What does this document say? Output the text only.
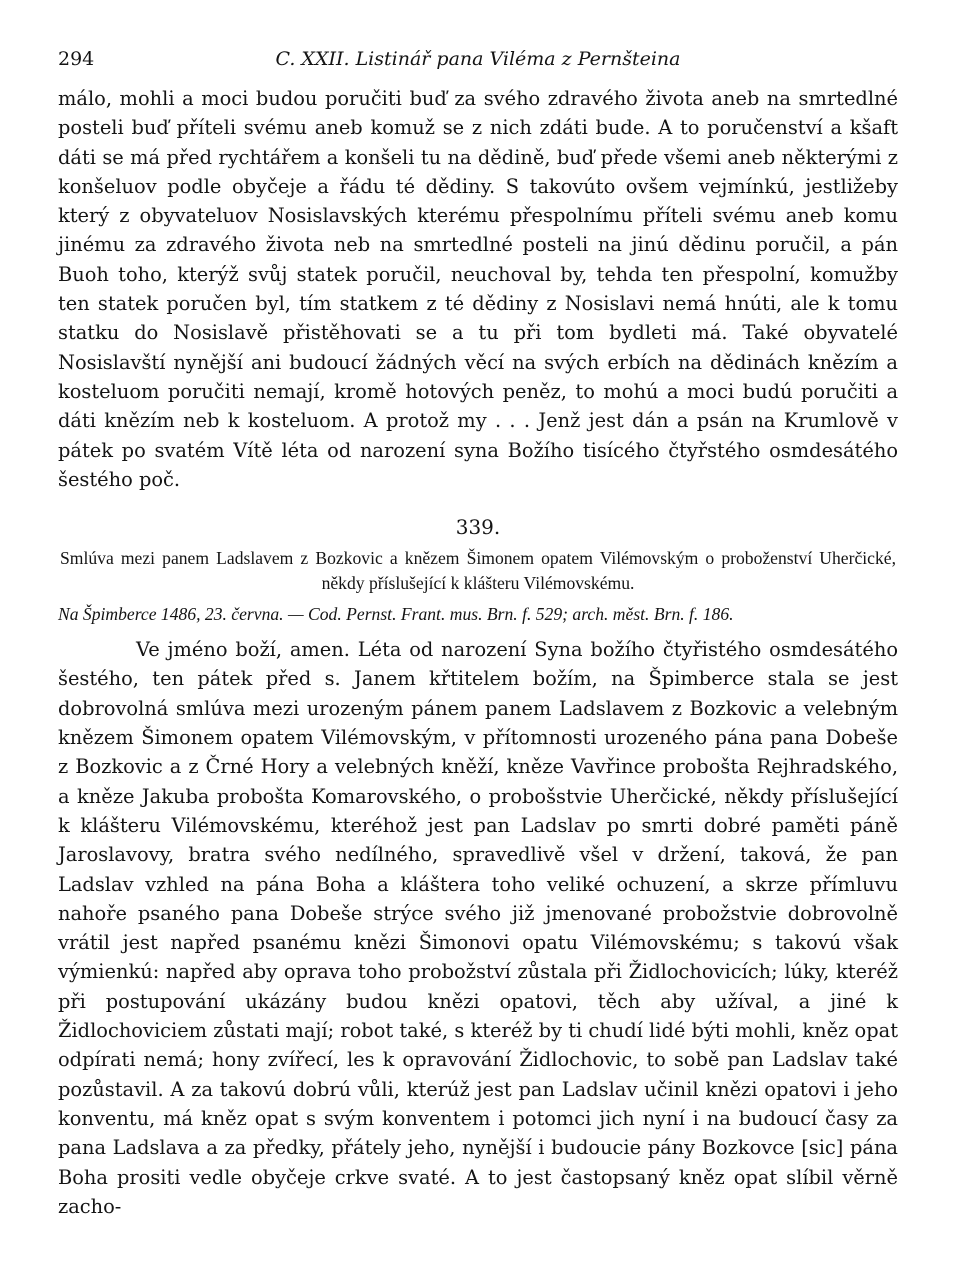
294	C. XXII. Listinář pana Viléma z Pernšteina

málo, mohli a moci budou poručiti buď za svého zdravého života aneb na smrtedlné posteli buď příteli svému aneb komuž se z nich zdáti bude. A to poručenství a kšaft dáti se má před rychtářem a konšeli tu na dědině, buď přede všemi aneb některými z konšeluov podle obyčeje a řádu té dědiny. S takovúto ovšem vejmínkú, jestližeby který z obyvateluov Nosislavských kterému přespolnímu příteli svému aneb komu jinému za zdravého života neb na smrtedlné posteli na jinú dědinu poručil, a pán Buoh toho, kterýž svůj statek poručil, neuchoval by, tehda ten přespolní, komužby ten statek poručen byl, tím statkem z té dědiny z Nosislavi nemá hnúti, ale k tomu statku do Nosislavě přistěhovati se a tu při tom bydleti má. Také obyvatelé Nosislavští nynější ani budoucí žádných věcí na svých erbích na dědinách knězím a kosteluom poručiti nemají, kromě hotových peněz, to mohú a moci budú poručiti a dáti knězím neb k kosteluom. A protož my . . . Jenž jest dán a psán na Krumlově v pátek po svatém Vítě léta od narození syna Božího tisícého čtyřstého osmdesátého šestého poč.

339.

Smlúva mezi panem Ladslavem z Bozkovic a knězem Šimonem opatem Vilémovským o proboženství Uherčické, někdy příslušející k klášteru Vilémovskému.

Na Špimberce 1486, 23. června. — Cod. Pernst. Frant. mus. Brn. f. 529; arch. měst. Brn. f. 186.

Ve jméno boží, amen. Léta od narození Syna božího čtyřistého osmdesátého šestého, ten pátek před s. Janem křtitelem božím, na Špimberce stala se jest dobrovolná smlúva mezi urozeným pánem panem Ladslavem z Bozkovic a velebným knězem Šimonem opatem Vilémovským, v přítomnosti urozeného pána pana Dobeše z Bozkovic a z Črné Hory a velebných kněží, kněze Vavřince probošta Rejhradského, a kněze Jakuba probošta Komarovského, o probošstvie Uherčické, někdy příslušející k klášteru Vilémovskému, kteréhož jest pan Ladslav po smrti dobré paměti páně Jaroslavovy, bratra svého nedílného, spravedlivě všel v držení, taková, že pan Ladslav vzhled na pána Boha a kláštera toho veliké ochuzení, a skrze přímluvu nahoře psaného pana Dobeše strýce svého již jmenované probožstvie dobrovolně vrátil jest napřed psanému knězi Šimonovi opatu Vilémovskému; s takovú však výmienkú: napřed aby oprava toho probožství zůstala při Židlochovicích; lúky, kteréž při postupování ukázány budou knězi opatovi, těch aby užíval, a jiné k Židlochoviciem zůstati mají; robot také, s kteréž by ti chudí lidé býti mohli, kněz opat odpírati nemá; hony zvířecí, les k opravování Židlochovic, to sobě pan Ladslav také pozůstavil. A za takovú dobrú vůli, kterúž jest pan Ladslav učinil knězi opatovi i jeho konventu, má kněz opat s svým konventem i potomci jich nyní i na budoucí časy za pana Ladslava a za předky, přátely jeho, nynější i budoucie pány Bozkovce [sic] pána Boha prositi vedle obyčeje crkve svaté. A to jest častopsaný kněz opat slíbil věrně zacho-
